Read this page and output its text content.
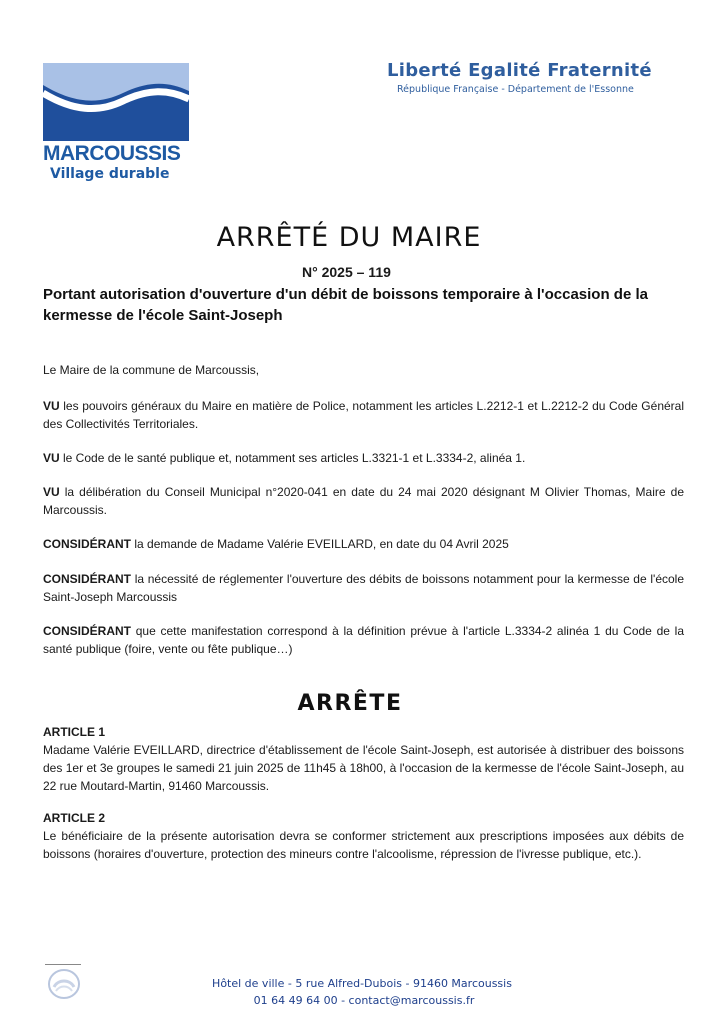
MARCOUSSIS
Village durable
Liberté Egalité Fraternité
République Française - Département de l'Essonne
ARRÊTÉ DU MAIRE
N° 2025 – 119
Portant autorisation d'ouverture d'un débit de boissons temporaire à l'occasion de la kermesse de l'école Saint-Joseph
Le Maire de la commune de Marcoussis,
VU les pouvoirs généraux du Maire en matière de Police, notamment les articles L.2212-1 et L.2212-2 du Code Général des Collectivités Territoriales.
VU le Code de le santé publique et, notamment ses articles L.3321-1 et L.3334-2, alinéa 1.
VU la délibération du Conseil Municipal n°2020-041 en date du 24 mai 2020 désignant M Olivier Thomas, Maire de Marcoussis.
CONSIDÉRANT la demande de Madame Valérie EVEILLARD, en date du 04 Avril 2025
CONSIDÉRANT la nécessité de réglementer l'ouverture des débits de boissons notamment pour la kermesse de l'école Saint-Joseph Marcoussis
CONSIDÉRANT que cette manifestation correspond à la définition prévue à l'article L.3334-2 alinéa 1 du Code de la santé publique (foire, vente ou fête publique…)
ARTICLE 1
Madame Valérie EVEILLARD, directrice d'établissement de l'école Saint-Joseph, est autorisée à distribuer des boissons des 1er et 3e groupes le samedi 21 juin 2025 de 11h45 à 18h00, à l'occasion de la kermesse de l'école Saint-Joseph, au 22 rue Moutard-Martin, 91460 Marcoussis.
ARTICLE 2
Le bénéficiaire de la présente autorisation devra se conformer strictement aux prescriptions imposées aux débits de boissons (horaires d'ouverture, protection des mineurs contre l'alcoolisme, répression de l'ivresse publique, etc.).
ARRÊTE
Hôtel de ville - 5 rue Alfred-Dubois - 91460 Marcoussis
01 64 49 64 00 - contact@marcoussis.fr
